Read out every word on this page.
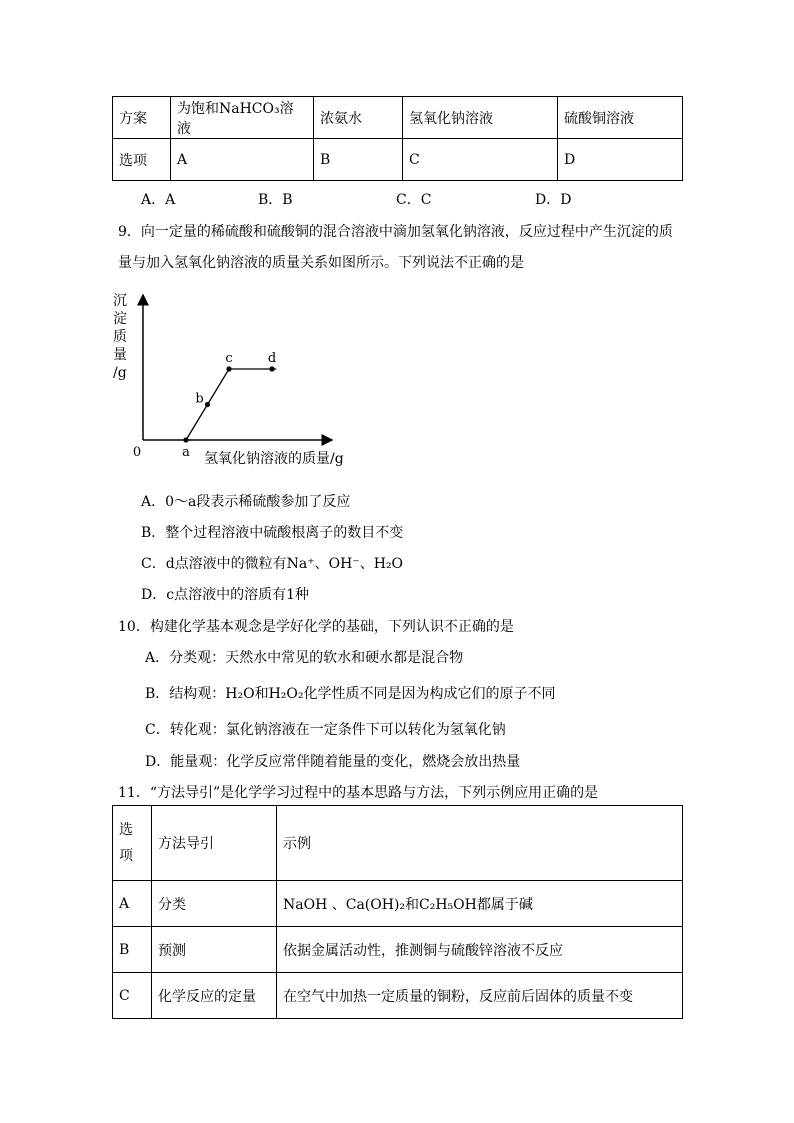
方案	为饱和NaHCO₃溶液	浓氨水	氢氧化钠溶液	硫酸铜溶液
选项	A	B	C	D
A．A	B．B	C．C	D．D
9．向一定量的稀硫酸和硫酸铜的混合溶液中滴加氢氧化钠溶液，反应过程中产生沉淀的质
量与加入氢氧化钠溶液的质量关系如图所示。下列说法不正确的是
沉
淀
质
量
/g
0	氢氧化钠溶液的质量/g
a
b
c	d
A．0～a段表示稀硫酸参加了反应
B．整个过程溶液中硫酸根离子的数目不变
C．d点溶液中的微粒有Na⁺、OH⁻、H₂O
D．c点溶液中的溶质有1种
10．构建化学基本观念是学好化学的基础，下列认识不正确的是
A．分类观：天然水中常见的软水和硬水都是混合物
B．结构观：H₂O和H₂O₂化学性质不同是因为构成它们的原子不同
C．转化观：氯化钠溶液在一定条件下可以转化为氢氧化钠
D．能量观：化学反应常伴随着能量的变化，燃烧会放出热量
11．“方法导引”是化学学习过程中的基本思路与方法，下列示例应用正确的是
选项	方法导引	示例
A	分类	NaOH 、Ca(OH)₂和C₂H₅OH都属于碱
B	预测	依据金属活动性，推测铜与硫酸锌溶液不反应
C	化学反应的定量	在空气中加热一定质量的铜粉，反应前后固体的质量不变
